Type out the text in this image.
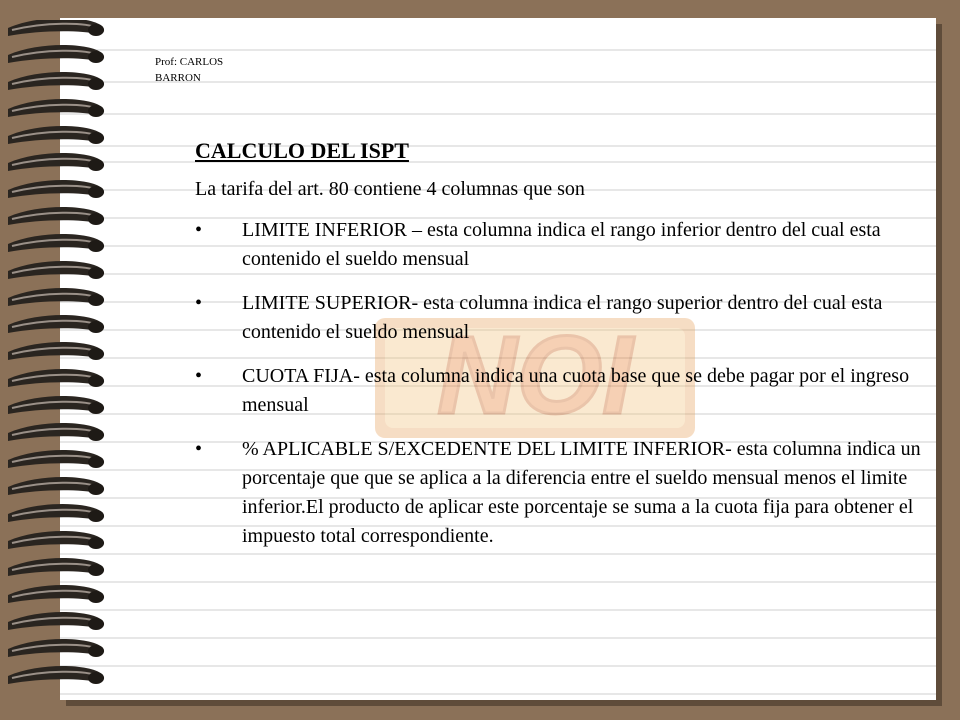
NOI
Prof: CARLOS
BARRON
CALCULO DEL ISPT
La tarifa del art. 80 contiene 4 columnas que son
•	LIMITE INFERIOR – esta columna indica el rango inferior dentro del cual esta contenido el sueldo mensual
•	LIMITE SUPERIOR- esta columna indica el rango superior dentro del cual esta contenido el sueldo mensual
•	CUOTA FIJA- esta columna indica una cuota base que se debe pagar por el ingreso mensual
•	% APLICABLE S/EXCEDENTE DEL LIMITE INFERIOR- esta columna indica un porcentaje que que se aplica a la diferencia entre el sueldo mensual menos el limite inferior.El producto de aplicar este porcentaje se suma a la cuota fija para obtener el impuesto total correspondiente.
